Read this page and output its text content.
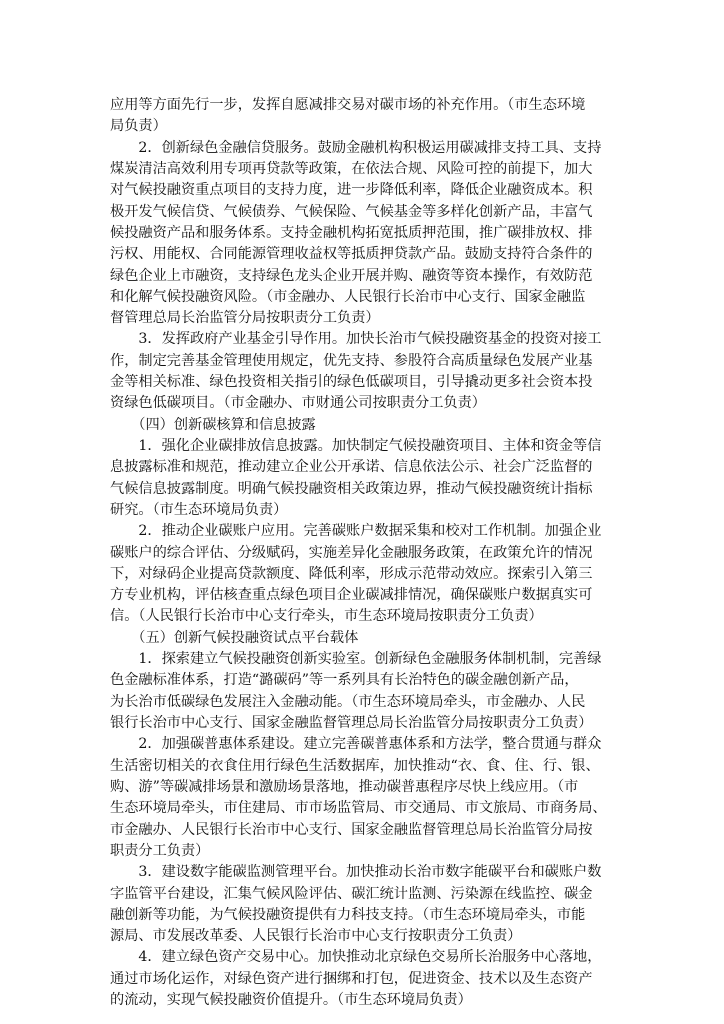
应用等方面先行一步，发挥自愿减排交易对碳市场的补充作用。（市生态环境
局负责）
　　2．创新绿色金融信贷服务。鼓励金融机构积极运用碳减排支持工具、支持
煤炭清洁高效利用专项再贷款等政策，在依法合规、风险可控的前提下，加大
对气候投融资重点项目的支持力度，进一步降低利率，降低企业融资成本。积
极开发气候信贷、气候债券、气候保险、气候基金等多样化创新产品，丰富气
候投融资产品和服务体系。支持金融机构拓宽抵质押范围，推广碳排放权、排
污权、用能权、合同能源管理收益权等抵质押贷款产品。鼓励支持符合条件的
绿色企业上市融资，支持绿色龙头企业开展并购、融资等资本操作，有效防范
和化解气候投融资风险。（市金融办、人民银行长治市中心支行、国家金融监
督管理总局长治监管分局按职责分工负责）
　　3．发挥政府产业基金引导作用。加快长治市气候投融资基金的投资对接工
作，制定完善基金管理使用规定，优先支持、参股符合高质量绿色发展产业基
金等相关标准、绿色投资相关指引的绿色低碳项目，引导撬动更多社会资本投
资绿色低碳项目。（市金融办、市财通公司按职责分工负责）
　　（四）创新碳核算和信息披露
　　1．强化企业碳排放信息披露。加快制定气候投融资项目、主体和资金等信
息披露标准和规范，推动建立企业公开承诺、信息依法公示、社会广泛监督的
气候信息披露制度。明确气候投融资相关政策边界，推动气候投融资统计指标
研究。（市生态环境局负责）
　　2．推动企业碳账户应用。完善碳账户数据采集和校对工作机制。加强企业
碳账户的综合评估、分级赋码，实施差异化金融服务政策，在政策允许的情况
下，对绿码企业提高贷款额度、降低利率，形成示范带动效应。探索引入第三
方专业机构，评估核查重点绿色项目企业碳减排情况，确保碳账户数据真实可
信。（人民银行长治市中心支行牵头，市生态环境局按职责分工负责）
　　（五）创新气候投融资试点平台载体
　　1．探索建立气候投融资创新实验室。创新绿色金融服务体制机制，完善绿
色金融标准体系，打造“潞碳码”等一系列具有长治特色的碳金融创新产品，
为长治市低碳绿色发展注入金融动能。（市生态环境局牵头，市金融办、人民
银行长治市中心支行、国家金融监督管理总局长治监管分局按职责分工负责）
　　2．加强碳普惠体系建设。建立完善碳普惠体系和方法学，整合贯通与群众
生活密切相关的衣食住用行绿色生活数据库，加快推动“衣、食、住、行、银、
购、游”等碳减排场景和激励场景落地，推动碳普惠程序尽快上线应用。（市
生态环境局牵头，市住建局、市市场监管局、市交通局、市文旅局、市商务局、
市金融办、人民银行长治市中心支行、国家金融监督管理总局长治监管分局按
职责分工负责）
　　3．建设数字能碳监测管理平台。加快推动长治市数字能碳平台和碳账户数
字监管平台建设，汇集气候风险评估、碳汇统计监测、污染源在线监控、碳金
融创新等功能，为气候投融资提供有力科技支持。（市生态环境局牵头，市能
源局、市发展改革委、人民银行长治市中心支行按职责分工负责）
　　4．建立绿色资产交易中心。加快推动北京绿色交易所长治服务中心落地，
通过市场化运作，对绿色资产进行捆绑和打包，促进资金、技术以及生态资产
的流动，实现气候投融资价值提升。（市生态环境局负责）
